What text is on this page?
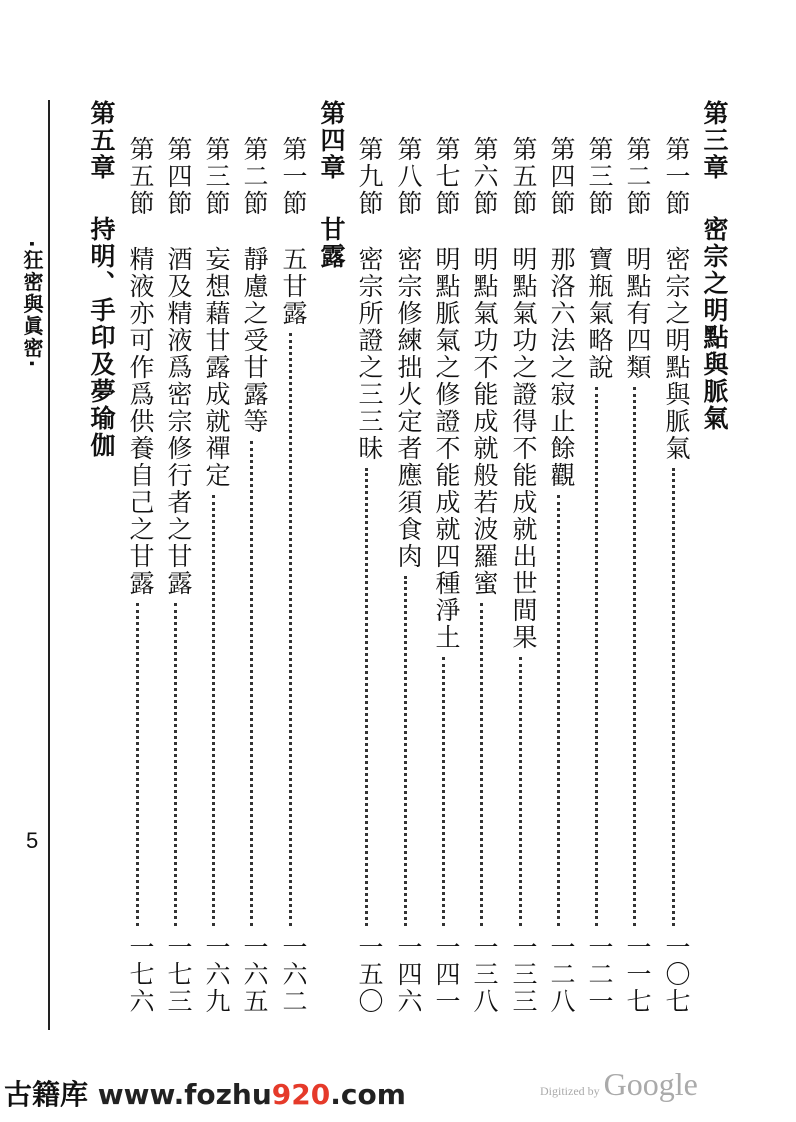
·狂密與眞密·
5
第三章
密宗之明點與脈氣
第一節
密宗之明點與脈氣
一〇七
第二節
明點有四類
一一七
第三節
寶瓶氣略說
一二一
第四節
那洛六法之寂止餘觀
一二八
第五節
明點氣功之證得不能成就出世間果
一三三
第六節
明點氣功不能成就般若波羅蜜
一三八
第七節
明點脈氣之修證不能成就四種淨土
一四一
第八節
密宗修練拙火定者應須食肉
一四六
第九節
密宗所證之三三昧
一五〇
第四章
甘露
第一節
五甘露
一六二
第二節
靜慮之受甘露等
一六五
第三節
妄想藉甘露成就禪定
一六九
第四節
酒及精液爲密宗修行者之甘露
一七三
第五節
精液亦可作爲供養自己之甘露
一七六
第五章
持明、手印及夢瑜伽
古籍库 www.fozhu920.com	Digitized by Google
